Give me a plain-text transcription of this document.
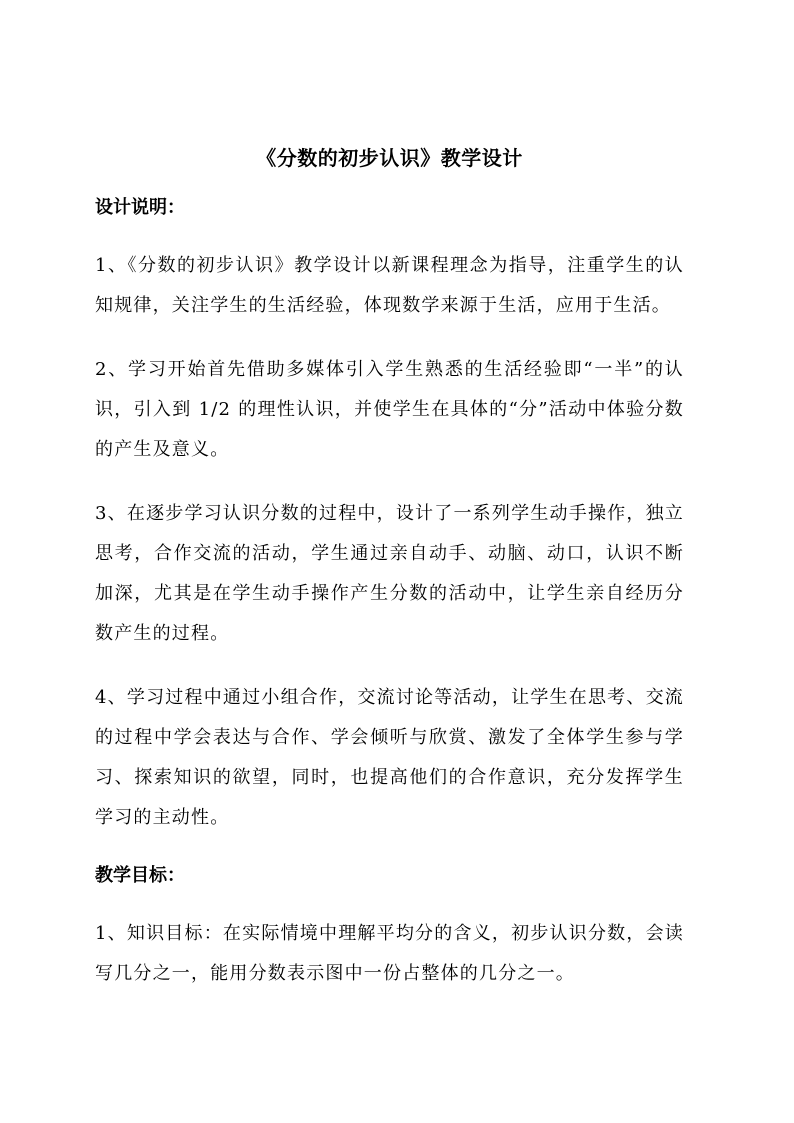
《分数的初步认识》教学设计
设计说明：

1、《分数的初步认识》教学设计以新课程理念为指导，注重学生的认知规律，关注学生的生活经验，体现数学来源于生活，应用于生活。

2、学习开始首先借助多媒体引入学生熟悉的生活经验即“一半”的认识，引入到 1/2 的理性认识，并使学生在具体的“分”活动中体验分数的产生及意义。

3、在逐步学习认识分数的过程中，设计了一系列学生动手操作，独立思考，合作交流的活动，学生通过亲自动手、动脑、动口，认识不断加深，尤其是在学生动手操作产生分数的活动中，让学生亲自经历分数产生的过程。

4、学习过程中通过小组合作，交流讨论等活动，让学生在思考、交流的过程中学会表达与合作、学会倾听与欣赏、激发了全体学生参与学习、探索知识的欲望，同时，也提高他们的合作意识，充分发挥学生学习的主动性。

教学目标：

1、知识目标：在实际情境中理解平均分的含义，初步认识分数，会读写几分之一，能用分数表示图中一份占整体的几分之一。
